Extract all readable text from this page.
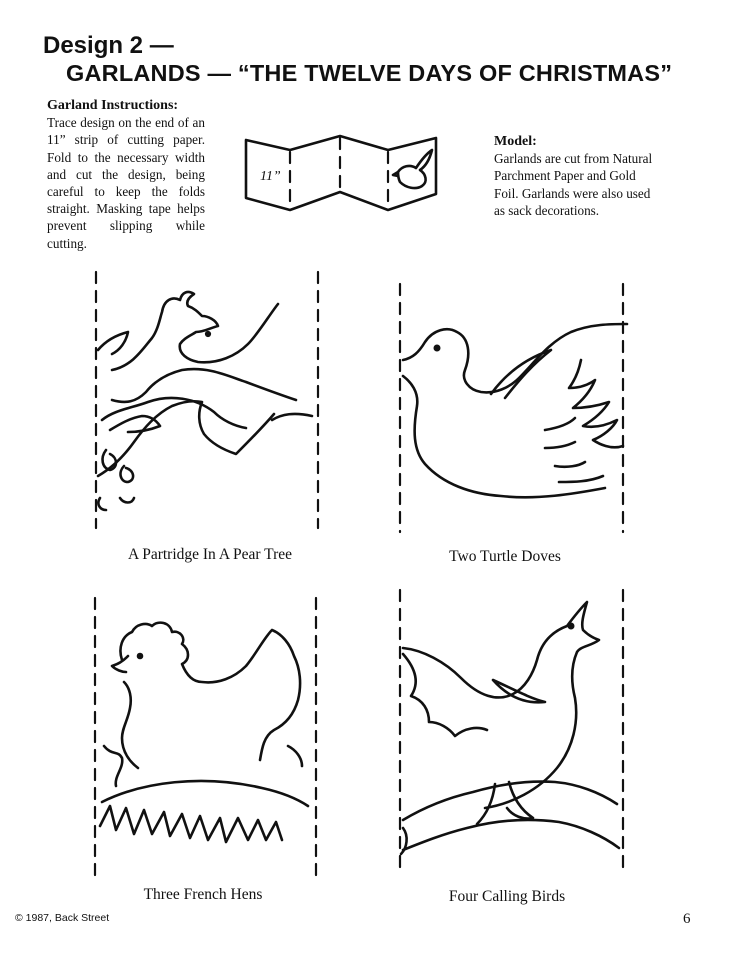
Design 2 —
GARLANDS — “THE TWELVE DAYS OF CHRISTMAS”
Garland Instructions:
Trace design on the end of an 11” strip of cutting paper. Fold to the necessary width and cut the design, being careful to keep the folds straight. Masking tape helps prevent slipping while cutting.
11”
Model:
Garlands are cut from Natural Parchment Paper and Gold Foil. Garlands were also used as sack decorations.
A Partridge In A Pear Tree	Two Turtle Doves
Three French Hens	Four Calling Birds
© 1987, Back Street	6
